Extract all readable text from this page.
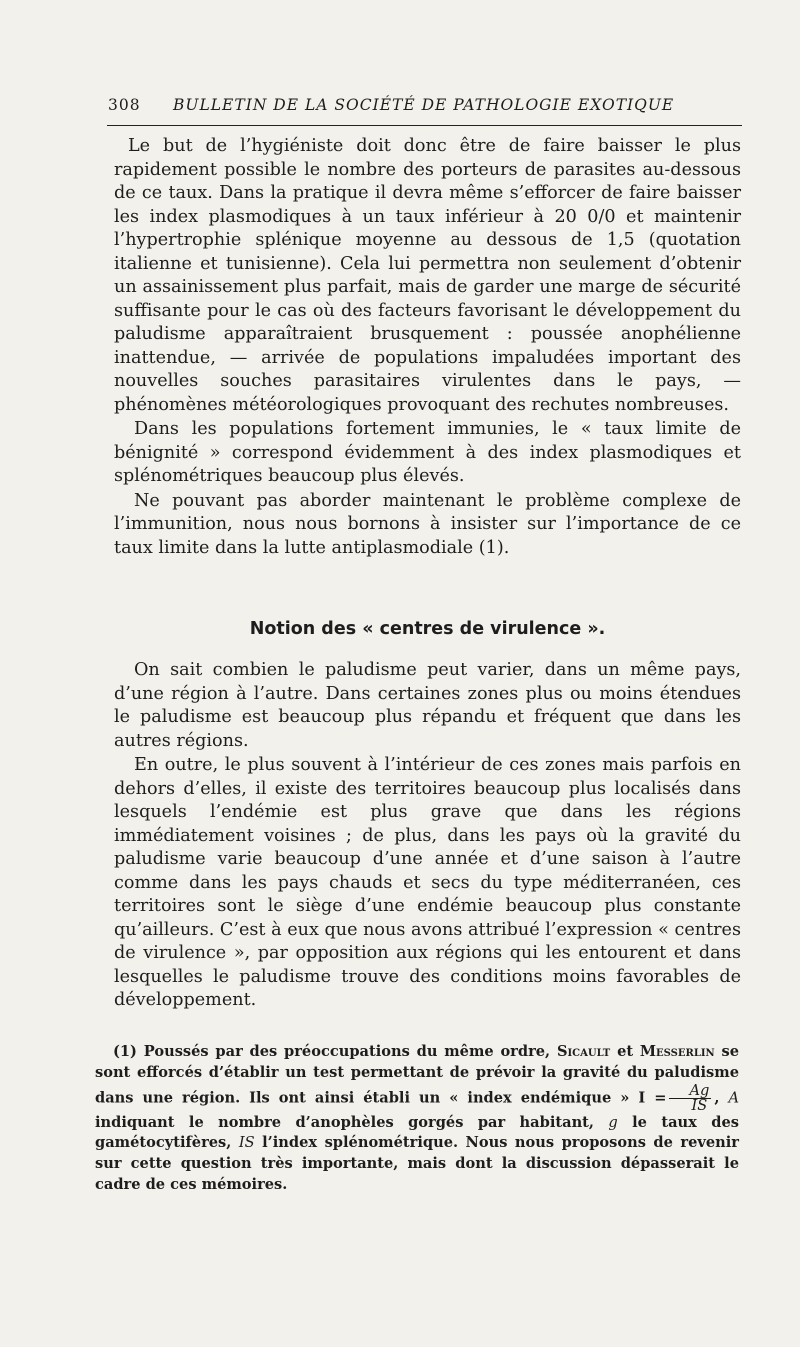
308 BULLETIN DE LA SOCIÉTÉ DE PATHOLOGIE EXOTIQUE

Le but de l’hygiéniste doit donc être de faire baisser le plus rapidement possible le nombre des porteurs de parasites au-dessous de ce taux. Dans la pratique il devra même s’efforcer de faire baisser les index plasmodiques à un taux inférieur à 20 0/0 et maintenir l’hypertrophie splénique moyenne au dessous de 1,5 (quotation italienne et tunisienne). Cela lui permettra non seulement d’obtenir un assainissement plus parfait, mais de garder une marge de sécurité suffisante pour le cas où des facteurs favorisant le développement du paludisme apparaîtraient brusquement : poussée anophélienne inattendue, — arrivée de populations impaludées important des nouvelles souches parasitaires virulentes dans le pays, — phénomènes météorologiques provoquant des rechutes nombreuses.

Dans les populations fortement immunies, le « taux limite de bénignité » correspond évidemment à des index plasmodiques et splénométriques beaucoup plus élevés.

Ne pouvant pas aborder maintenant le problème complexe de l’immunition, nous nous bornons à insister sur l’importance de ce taux limite dans la lutte antiplasmodiale (1).

Notion des « centres de virulence ».

On sait combien le paludisme peut varier, dans un même pays, d’une région à l’autre. Dans certaines zones plus ou moins étendues le paludisme est beaucoup plus répandu et fréquent que dans les autres régions.

En outre, le plus souvent à l’intérieur de ces zones mais parfois en dehors d’elles, il existe des territoires beaucoup plus localisés dans lesquels l’endémie est plus grave que dans les régions immédiatement voisines ; de plus, dans les pays où la gravité du paludisme varie beaucoup d’une année et d’une saison à l’autre comme dans les pays chauds et secs du type méditerranéen, ces territoires sont le siège d’une endémie beaucoup plus constante qu’ailleurs. C’est à eux que nous avons attribué l’expression « centres de virulence », par opposition aux régions qui les entourent et dans lesquelles le paludisme trouve des conditions moins favorables de développement.

(1) Poussés par des préoccupations du même ordre, Sicault et Messerlin se sont efforcés d’établir un test permettant de prévoir la gravité du paludisme dans une région. Ils ont ainsi établi un « index endémique » $I = \frac{Ag}{IS}$ , A indiquant le nombre d’anophèles gorgés par habitant, g le taux des gamétocytifères, IS l’index splénométrique. Nous nous proposons de revenir sur cette question très importante, mais dont la discussion dépasserait le cadre de ces mémoires.
